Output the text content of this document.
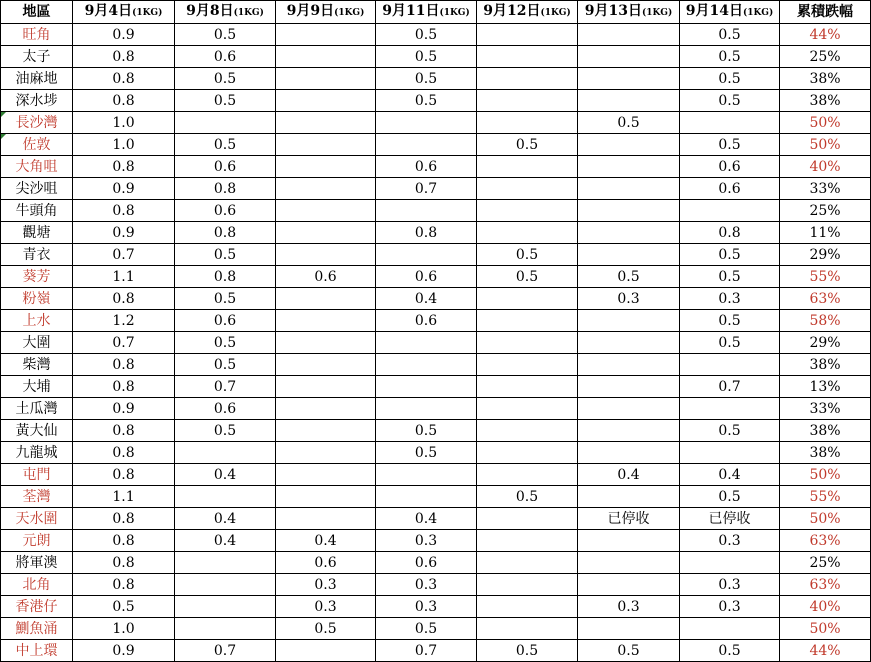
地區	9月4日(1KG)	9月8日(1KG)	9月9日(1KG)	9月11日(1KG)	9月12日(1KG)	9月13日(1KG)	9月14日(1KG)	累積跌幅
旺角	0.9	0.5		0.5			0.5	44%
太子	0.8	0.6		0.5			0.5	25%
油麻地	0.8	0.5		0.5			0.5	38%
深水埗	0.8	0.5		0.5			0.5	38%
長沙灣	1.0					0.5		50%
佐敦	1.0	0.5			0.5		0.5	50%
大角咀	0.8	0.6		0.6			0.6	40%
尖沙咀	0.9	0.8		0.7			0.6	33%
牛頭角	0.8	0.6						25%
觀塘	0.9	0.8		0.8			0.8	11%
青衣	0.7	0.5			0.5		0.5	29%
葵芳	1.1	0.8	0.6	0.6	0.5	0.5	0.5	55%
粉嶺	0.8	0.5		0.4		0.3	0.3	63%
上水	1.2	0.6		0.6			0.5	58%
大圍	0.7	0.5					0.5	29%
柴灣	0.8	0.5						38%
大埔	0.8	0.7					0.7	13%
土瓜灣	0.9	0.6						33%
黃大仙	0.8	0.5		0.5			0.5	38%
九龍城	0.8			0.5				38%
屯門	0.8	0.4				0.4	0.4	50%
荃灣	1.1				0.5		0.5	55%
天水圍	0.8	0.4		0.4		已停收	已停收	50%
元朗	0.8	0.4	0.4	0.3			0.3	63%
將軍澳	0.8		0.6	0.6				25%
北角	0.8		0.3	0.3			0.3	63%
香港仔	0.5		0.3	0.3		0.3	0.3	40%
鰂魚涌	1.0		0.5	0.5				50%
中上環	0.9	0.7		0.7	0.5	0.5	0.5	44%
